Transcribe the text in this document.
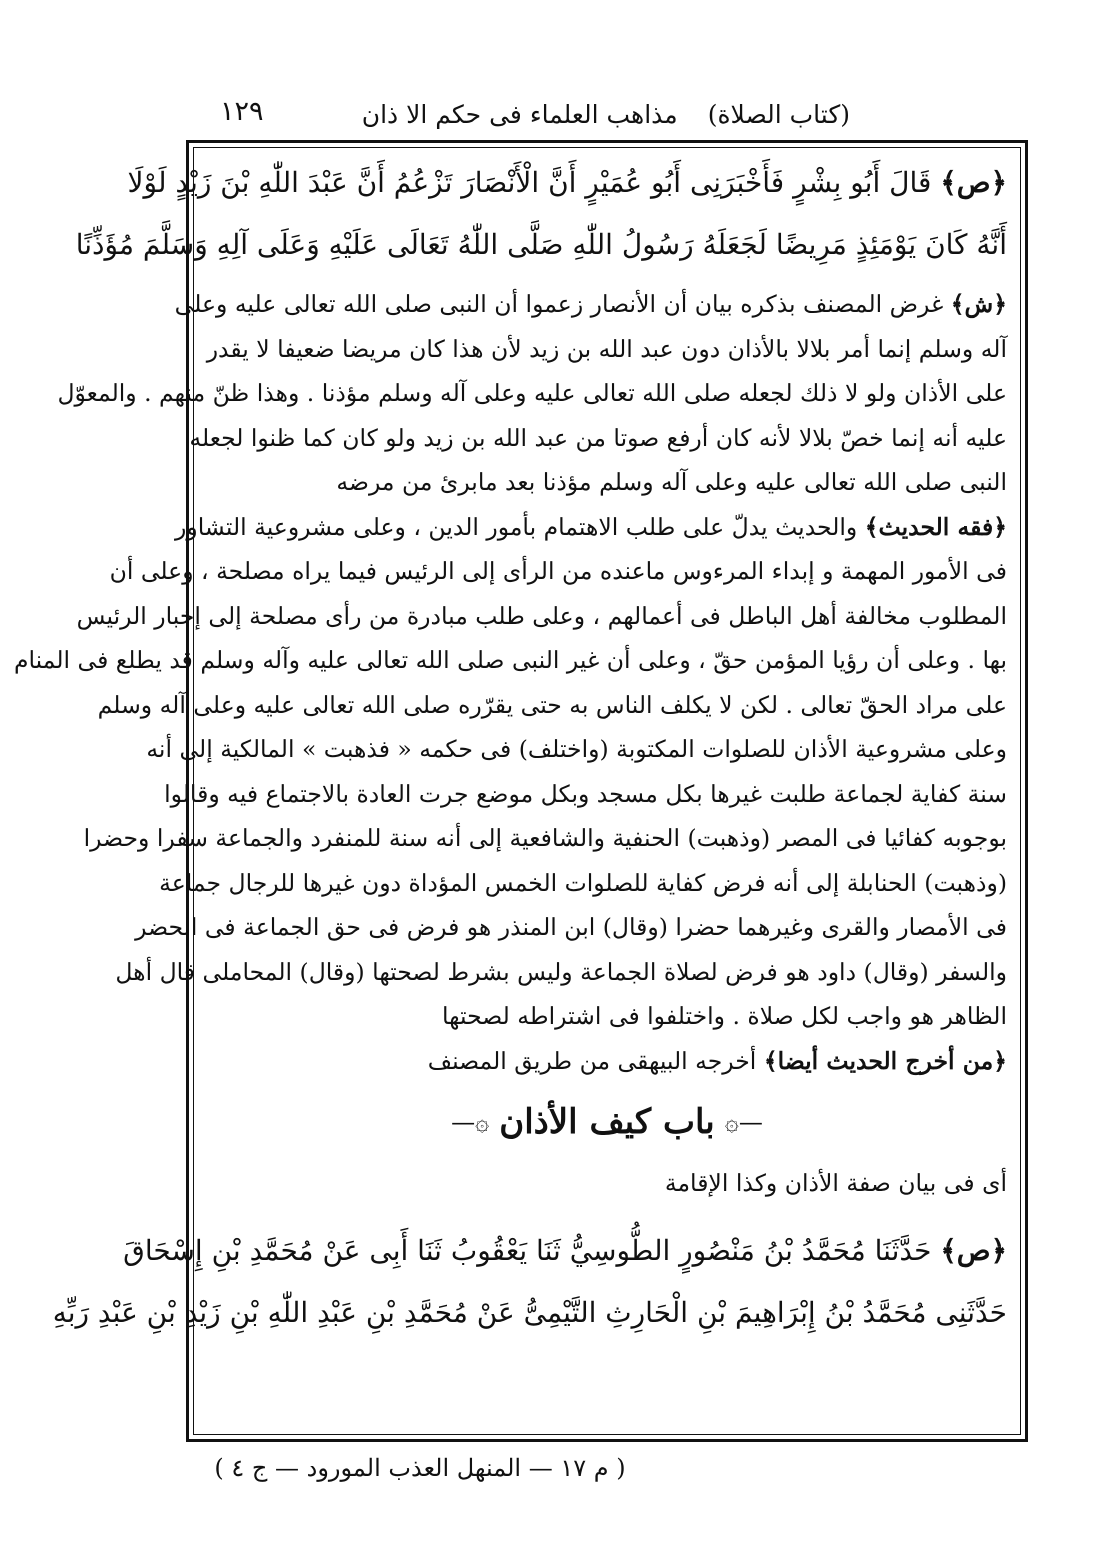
(كتاب الصلاة)
مذاهب العلماء فى حكم الا ذان
١٢٩
﴿ص﴾ قَالَ أَبُو بِشْرٍ فَأَخْبَرَنِى أَبُو عُمَيْرٍ أَنَّ الْأَنْصَارَ تَزْعُمُ أَنَّ عَبْدَ اللّٰهِ بْنَ زَيْدٍ لَوْلَا
أَنَّهُ كَانَ يَوْمَئِذٍ مَرِيضًا لَجَعَلَهُ رَسُولُ اللّٰهِ صَلَّى اللّٰهُ تَعَالَى عَلَيْهِ وَعَلَى آلِهِ وَسَلَّمَ مُؤَذِّنًا
﴿ش﴾ غرض المصنف بذكره بيان أن الأنصار زعموا أن النبى صلى الله تعالى عليه وعلى
آله وسلم إنما أمر بلالا بالأذان دون عبد الله بن زيد لأن هذا كان مريضا ضعيفا لا يقدر
على الأذان ولو لا ذلك لجعله صلى الله تعالى عليه وعلى آله وسلم مؤذنا . وهذا ظنّ منهم . والمعوّل
عليه أنه إنما خصّ بلالا لأنه كان أرفع صوتا من عبد الله بن زيد ولو كان كما ظنوا لجعله
النبى صلى الله تعالى عليه وعلى آله وسلم مؤذنا بعد مابرئ من مرضه
﴿فقه الحديث﴾ والحديث يدلّ على طلب الاهتمام بأمور الدين ، وعلى مشروعية التشاور
فى الأمور المهمة و إبداء المرءوس ماعنده من الرأى إلى الرئيس فيما يراه مصلحة ، وعلى أن
المطلوب مخالفة أهل الباطل فى أعمالهم ، وعلى طلب مبادرة من رأى مصلحة إلى إخبار الرئيس
بها . وعلى أن رؤيا المؤمن حقّ ، وعلى أن غير النبى صلى الله تعالى عليه وآله وسلم قد يطلع فى المنام
على مراد الحقّ تعالى . لكن لا يكلف الناس به حتى يقرّره صلى الله تعالى عليه وعلى آله وسلم
وعلى مشروعية الأذان للصلوات المكتوبة (واختلف) فى حكمه « فذهبت » المالكية إلى أنه
سنة كفاية لجماعة طلبت غيرها بكل مسجد وبكل موضع جرت العادة بالاجتماع فيه وقالوا
بوجوبه كفائيا فى المصر (وذهبت) الحنفية والشافعية إلى أنه سنة للمنفرد والجماعة سفرا وحضرا
(وذهبت) الحنابلة إلى أنه فرض كفاية للصلوات الخمس المؤداة دون غيرها للرجال جماعة
فى الأمصار والقرى وغيرهما حضرا (وقال) ابن المنذر هو فرض فى حق الجماعة فى الحضر
والسفر (وقال) داود هو فرض لصلاة الجماعة وليس بشرط لصحتها (وقال) المحاملى قال أهل
الظاهر هو واجب لكل صلاة . واختلفوا فى اشتراطه لصحتها
﴿من أخرج الحديث أيضا﴾ أخرجه البيهقى من طريق المصنف
—۞
باب كيف الأذان
۞—
أى فى بيان صفة الأذان وكذا الإقامة
﴿ص﴾ حَدَّثَنَا مُحَمَّدُ بْنُ مَنْصُورٍ الطُّوسِيُّ ثَنَا يَعْقُوبُ ثَنَا أَبِى عَنْ مُحَمَّدِ بْنِ إِسْحَاقَ
حَدَّثَنِى مُحَمَّدُ بْنُ إِبْرَاهِيمَ بْنِ الْحَارِثِ التَّيْمِىُّ عَنْ مُحَمَّدِ بْنِ عَبْدِ اللّٰهِ بْنِ زَيْدِ بْنِ عَبْدِ رَبِّهِ
( م ١٧ — المنهل العذب المورود — ج ٤ )
